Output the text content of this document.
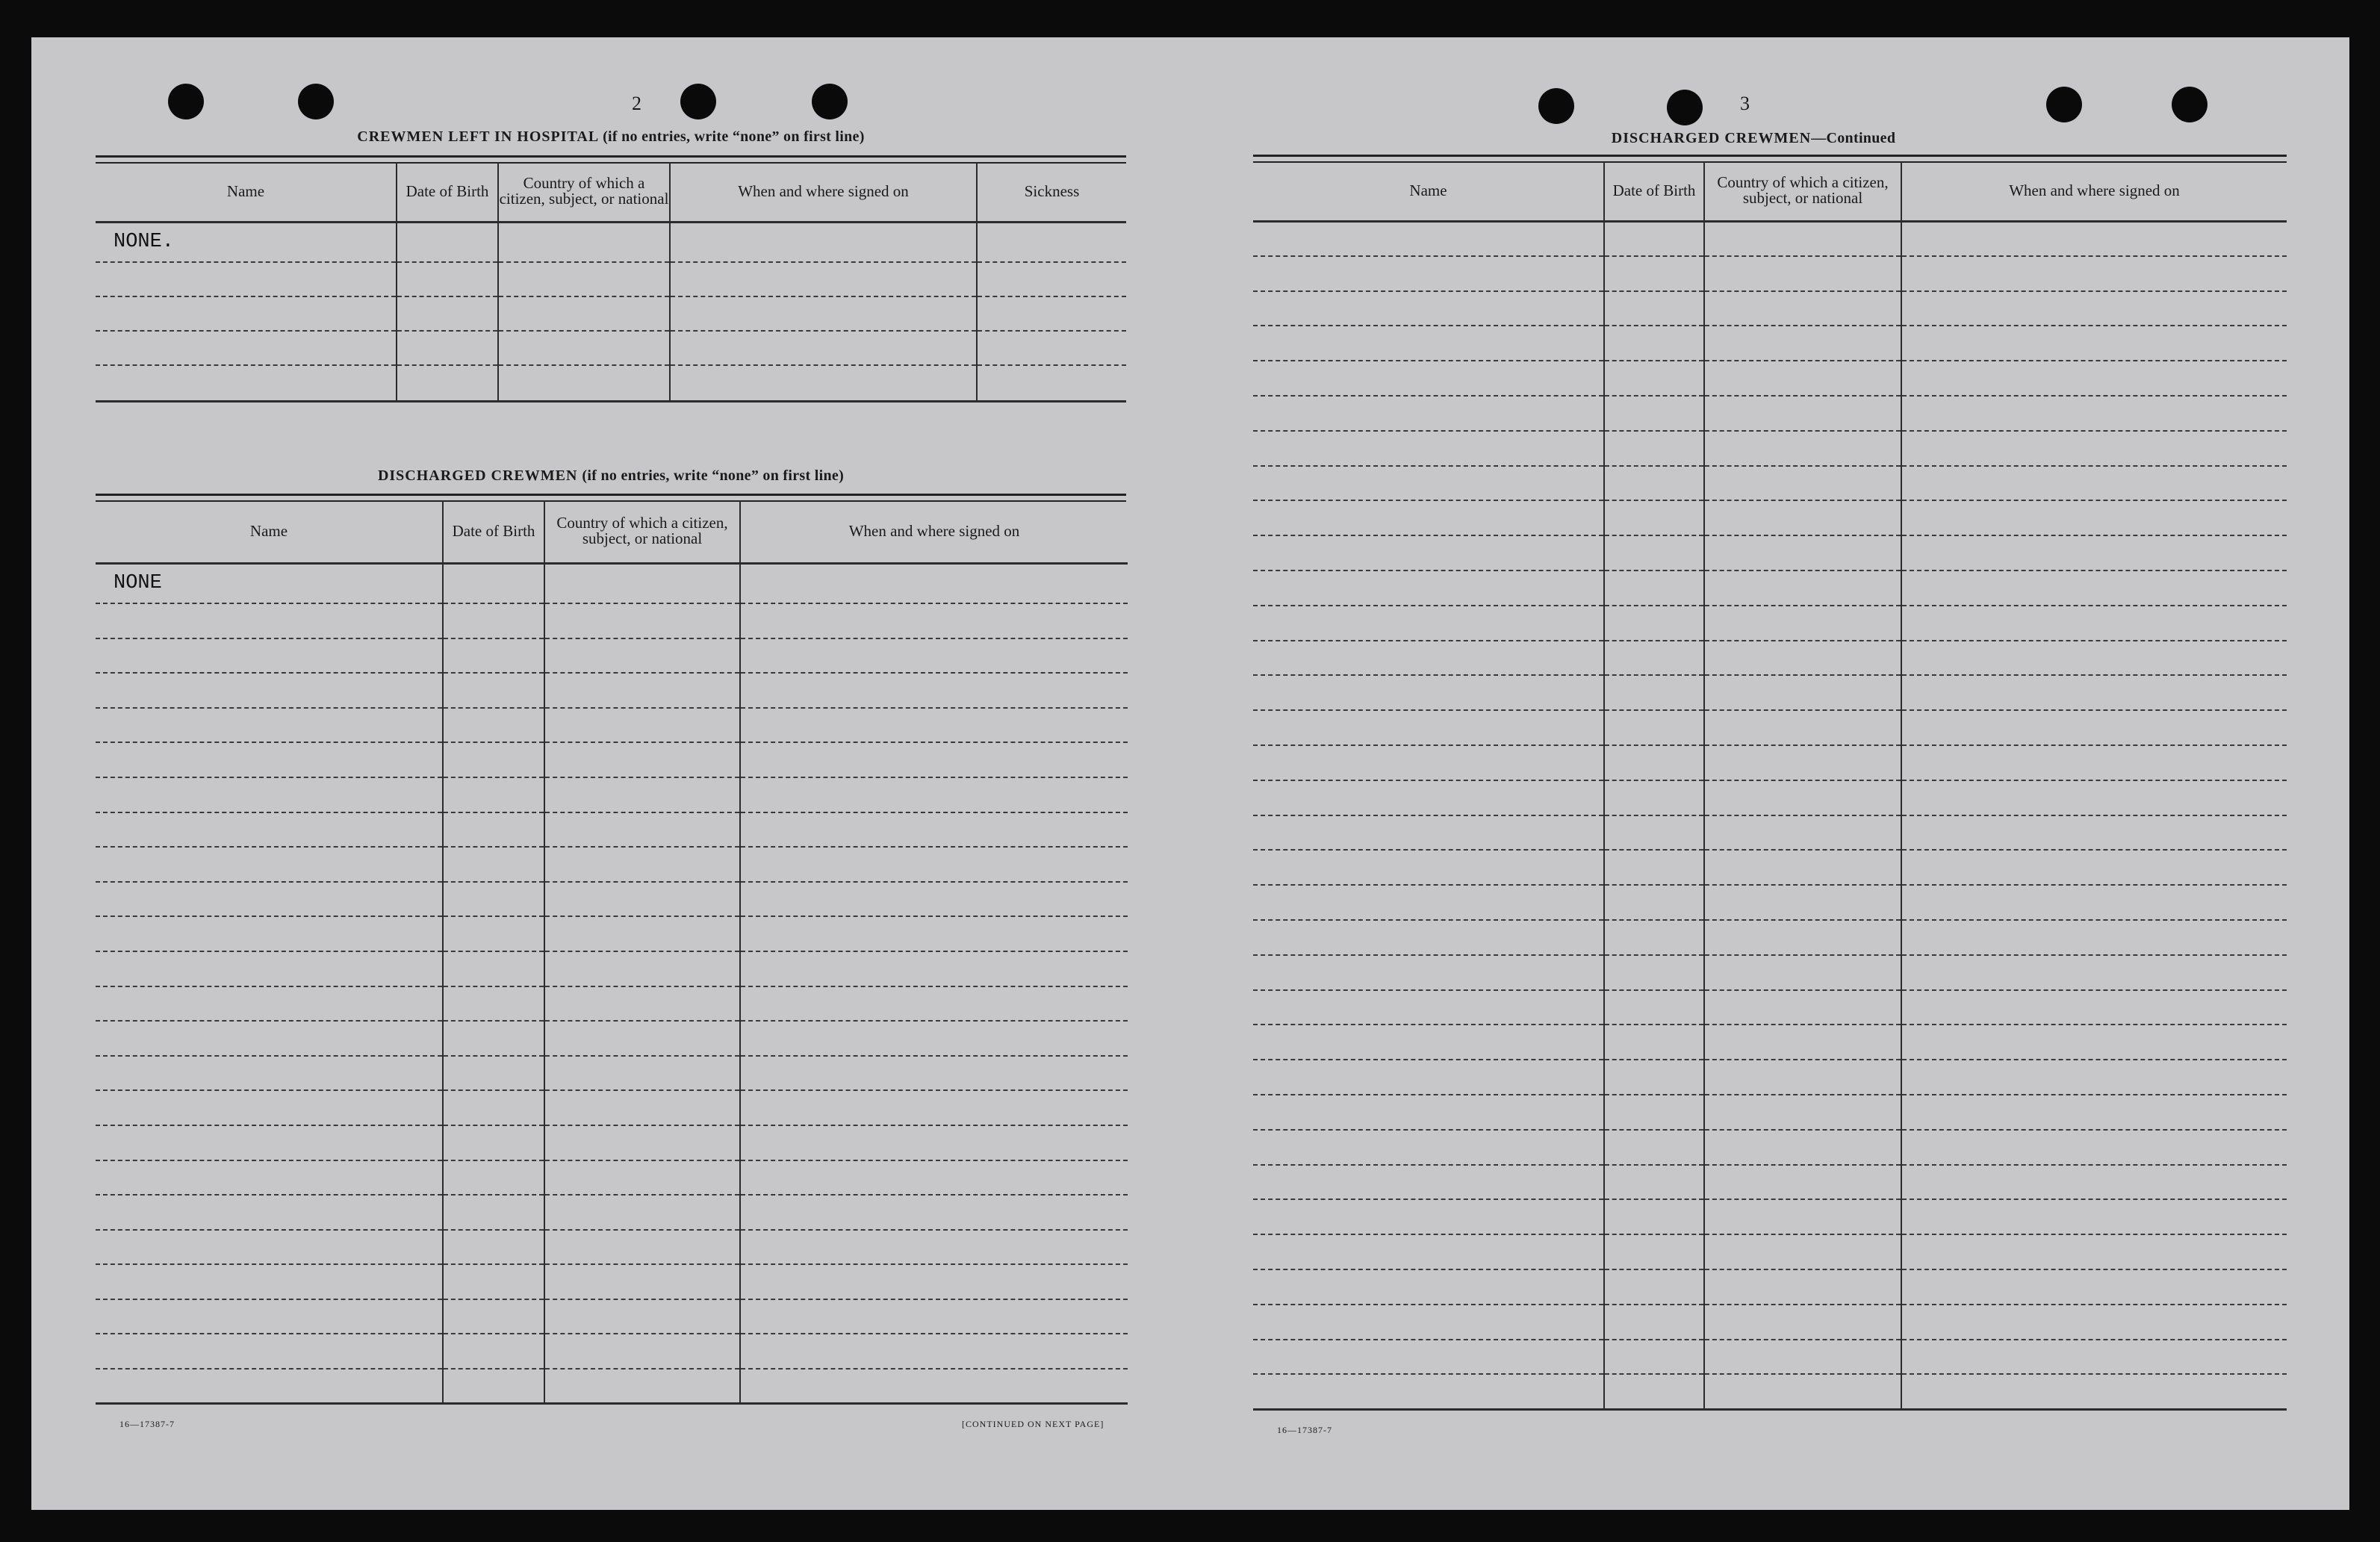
2
CREWMEN LEFT IN HOSPITAL (if no entries, write “none” on first line)
Name	Date of Birth	Country of which a citizen, subject, or national	When and where signed on	Sickness
NONE.				

DISCHARGED CREWMEN (if no entries, write “none” on first line)
Name	Date of Birth	Country of which a citizen, subject, or national	When and where signed on
NONE			

16—17387-7	[CONTINUED ON NEXT PAGE]
3
DISCHARGED CREWMEN—Continued
Name	Date of Birth	Country of which a citizen, subject, or national	When and where signed on

16—17387-7
